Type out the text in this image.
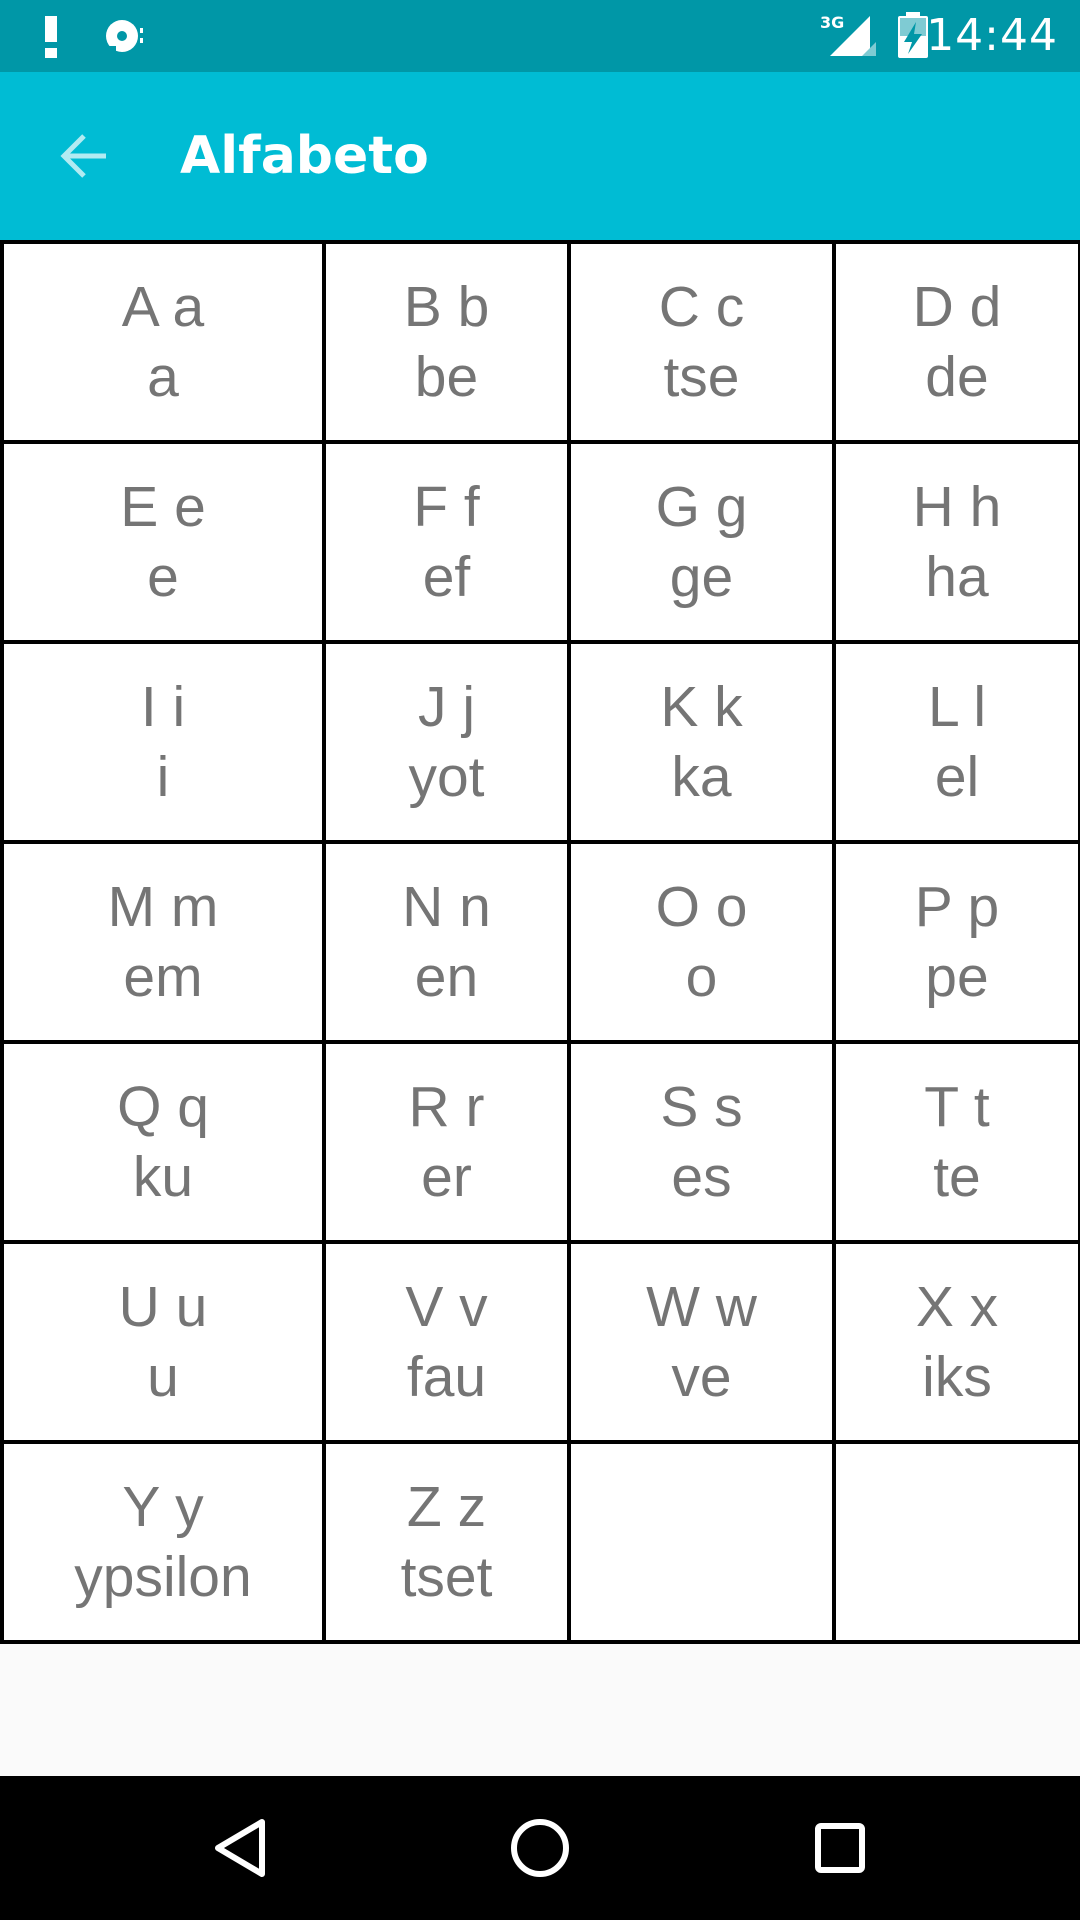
3G 14:44
Alfabeto
A a
a
B b
be
C c
tse
D d
de
E e
e
F f
ef
G g
ge
H h
ha
I i
i
J j
yot
K k
ka
L l
el
M m
em
N n
en
O o
o
P p
pe
Q q
ku
R r
er
S s
es
T t
te
U u
u
V v
fau
W w
ve
X x
iks
Y y
ypsilon
Z z
tset
